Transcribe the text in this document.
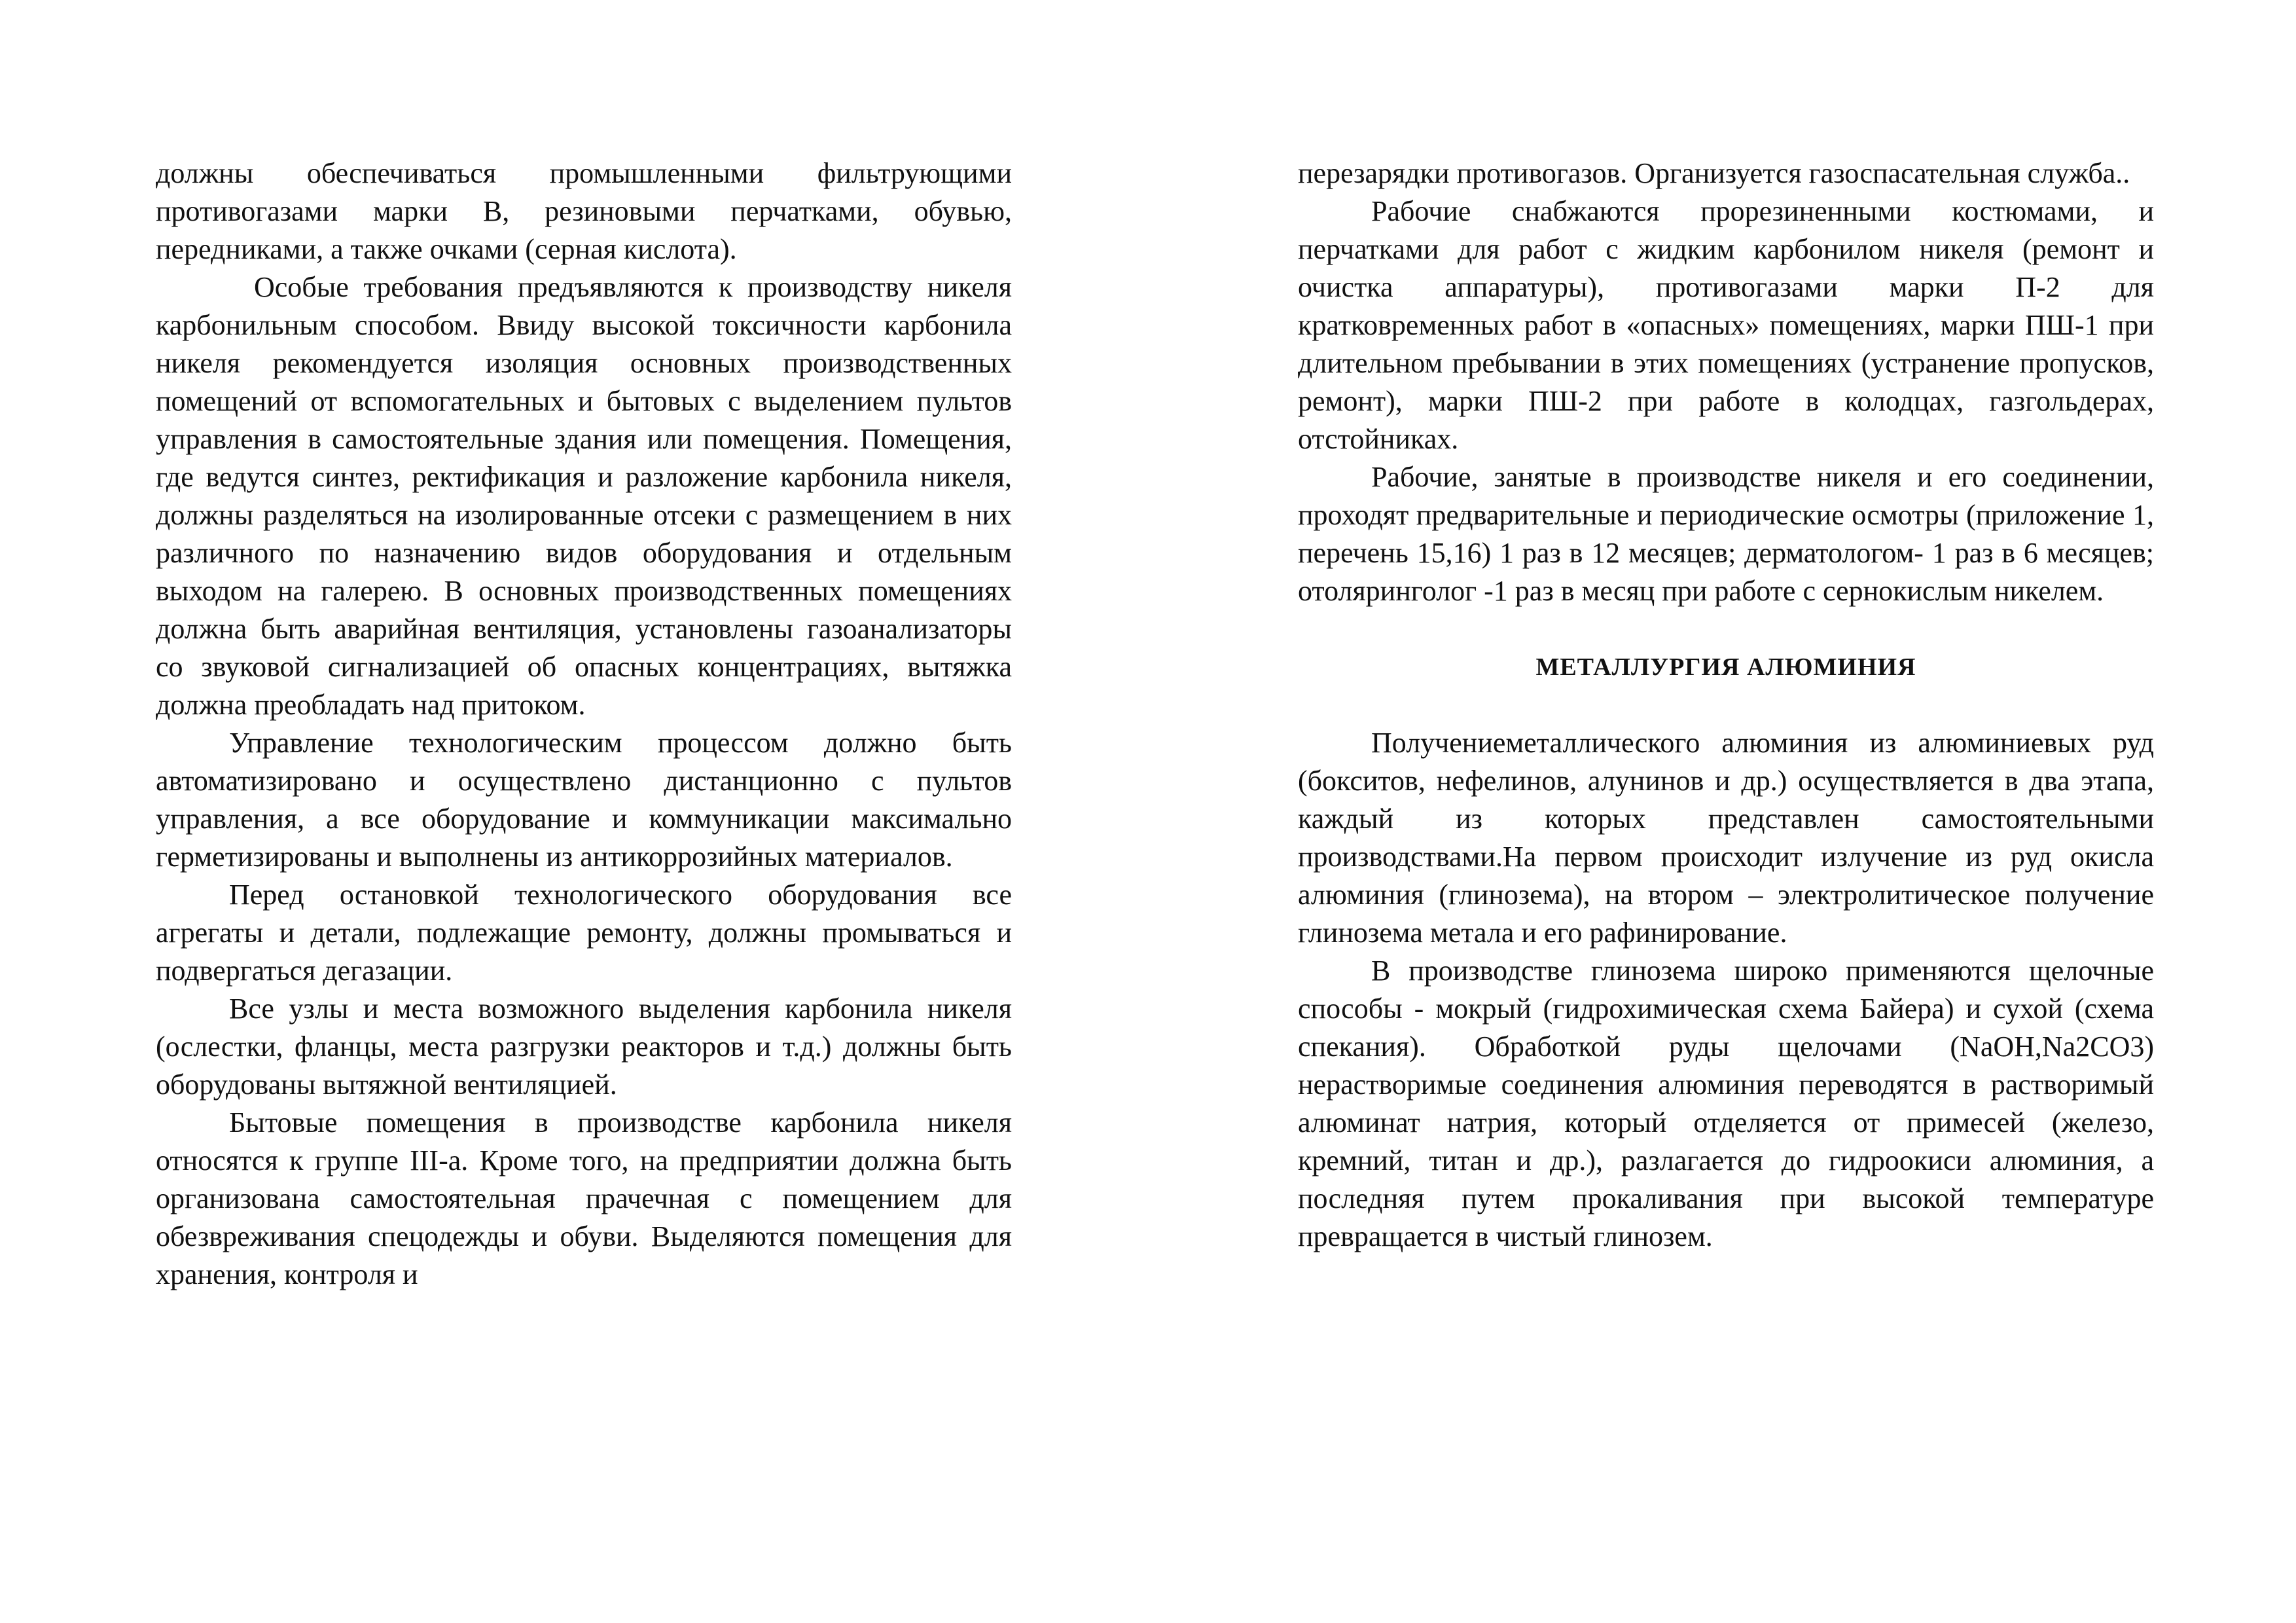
должны обеспечиваться промышленными фильтрующими противогазами марки В, резиновыми перчатками, обувью, передниками, а также очками (серная кислота).

Особые требования предъявляются к производству никеля карбонильным способом. Ввиду высокой токсичности карбонила никеля рекомендуется изоляция основных производственных помещений от вспомогательных и бытовых с выделением пультов управления в самостоятельные здания или помещения. Помещения, где ведутся синтез, ректификация и разложение карбонила никеля, должны разделяться на изолированные отсеки с размещением в них различного по назначению видов оборудования и отдельным выходом на галерею. В основных производственных помещениях должна быть аварийная вентиляция, установлены газоанализаторы со звуковой сигнализацией об опасных концентрациях, вытяжка должна преобладать над притоком.

Управление технологическим процессом должно быть автоматизировано и осуществлено дистанционно с пультов управления, а все оборудование и коммуникации максимально герметизированы и выполнены из антикоррозийных материалов.

Перед остановкой технологического оборудования все агрегаты и детали, подлежащие ремонту, должны промываться и подвергаться дегазации.

Все узлы и места возможного выделения карбонила никеля (ослестки, фланцы, места разгрузки реакторов и т.д.) должны быть оборудованы вытяжной вентиляцией.

Бытовые помещения в производстве карбонила никеля относятся к группе III-а. Кроме того, на предприятии должна быть организована самостоятельная прачечная с помещением для обезвреживания спецодежды и обуви. Выделяются помещения для хранения, контроля и

перезарядки противогазов. Организуется газоспасательная служба..

Рабочие снабжаются прорезиненными костюмами, и перчатками для работ с жидким карбонилом никеля (ремонт и очистка аппаратуры), противогазами марки П-2 для кратковременных работ в «опасных» помещениях, марки ПШ-1 при длительном пребывании в этих помещениях (устранение пропусков, ремонт), марки ПШ-2 при работе в колодцах, газгольдерах, отстойниках.

Рабочие, занятые в производстве никеля и его соединении, проходят предварительные и периодические осмотры (приложение 1, перечень 15,16) 1 раз в 12 месяцев; дерматологом- 1 раз в 6 месяцев; отоляринголог -1 раз в месяц при работе с сернокислым никелем.

МЕТАЛЛУРГИЯ АЛЮМИНИЯ

Получениеметаллического алюминия из алюминиевых руд (бокситов, нефелинов, алунинов и др.) осуществляется в два этапа, каждый из которых представлен самостоятельными производствами.На первом происходит излучение из руд окисла алюминия (глинозема), на втором – электролитическое получение глинозема метала и его рафинирование.

В производстве глинозема широко применяются щелочные способы - мокрый (гидрохимическая схема Байера) и сухой (схема спекания). Обработкой руды щелочами (NaOH,Na2CO3) нерастворимые соединения алюминия переводятся в растворимый алюминат натрия, который отделяется от примесей (железо, кремний, титан и др.), разлагается до гидроокиси алюминия, а последняя путем прокаливания при высокой температуре превращается в чистый глинозем.
